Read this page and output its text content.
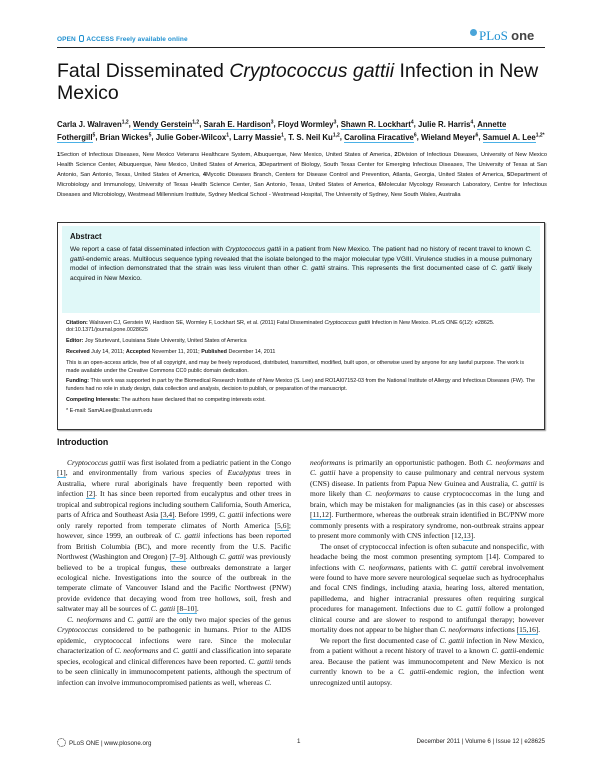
OPEN ACCESS Freely available online	PLoS one
Fatal Disseminated Cryptococcus gattii Infection in New Mexico
Carla J. Walraven$^{1,2}$, Wendy Gerstein$^{1,2}$, Sarah E. Hardison$^3$, Floyd Wormley$^3$, Shawn R. Lockhart$^4$, Julie R. Harris$^4$, Annette Fothergill$^5$, Brian Wickes$^5$, Julie Gober-Wilcox$^1$, Larry Massie$^1$, T. S. Neil Ku$^{1,2}$, Carolina Firacative$^6$, Wieland Meyer$^6$, Samuel A. Lee$^{1,2*}$
1Section of Infectious Diseases, New Mexico Veterans Healthcare System, Albuquerque, New Mexico, United States of America, 2Division of Infectious Diseases, University of New Mexico Health Science Center, Albuquerque, New Mexico, United States of America, 3Department of Biology, South Texas Center for Emerging Infectious Diseases, The University of Texas at San Antonio, San Antonio, Texas, United States of America, 4Mycotic Diseases Branch, Centers for Disease Control and Prevention, Atlanta, Georgia, United States of America, 5Department of Microbiology and Immunology, University of Texas Health Science Center, San Antonio, Texas, United States of America, 6Molecular Mycology Research Laboratory, Centre for Infectious Diseases and Microbiology, Westmead Millennium Institute, Sydney Medical School - Westmead Hospital, The University of Sydney, New South Wales, Australia
Abstract

We report a case of fatal disseminated infection with Cryptococcus gattii in a patient from New Mexico. The patient had no history of recent travel to known C. gattii-endemic areas. Multilocus sequence typing revealed that the isolate belonged to the major molecular type VGIII. Virulence studies in a mouse pulmonary model of infection demonstrated that the strain was less virulent than other C. gattii strains. This represents the first documented case of C. gattii likely acquired in New Mexico.

Citation: Walraven CJ, Gerstein W, Hardison SE, Wormley F, Lockhart SR, et al. (2011) Fatal Disseminated Cryptococcus gattii Infection in New Mexico. PLoS ONE 6(12): e28625. doi:10.1371/journal.pone.0028625

Editor: Joy Sturtevant, Louisiana State University, United States of America

Received July 14, 2011; Accepted November 11, 2011; Published December 14, 2011

This is an open-access article, free of all copyright, and may be freely reproduced, distributed, transmitted, modified, built upon, or otherwise used by anyone for any lawful purpose. The work is made available under the Creative Commons CC0 public domain dedication.

Funding: This work was supported in part by the Biomedical Research Institute of New Mexico (S. Lee) and RO1AI07152-03 from the National Institute of Allergy and Infectious Diseases (FW). The funders had no role in study design, data collection and analysis, decision to publish, or preparation of the manuscript.

Competing Interests: The authors have declared that no competing interests exist.

* E-mail: SamALee@salud.unm.edu

Introduction

Cryptococcus gattii was first isolated from a pediatric patient in the Congo [1], and environmentally from various species of Eucalyptus trees in Australia, where rural aboriginals have frequently been reported with infection [2]. It has since been reported from eucalyptus and other trees in tropical and subtropical regions including southern California, South America, parts of Africa and Southeast Asia [3,4]. Before 1999, C. gattii infections were only rarely reported from temperate climates of North America [5,6]; however, since 1999, an outbreak of C. gattii infections has been reported from British Columbia (BC), and more recently from the U.S. Pacific Northwest (Washington and Oregon) [7–9]. Although C. gattii was previously believed to be a tropical fungus, these outbreaks demonstrate a larger ecological niche. Investigations into the source of the outbreak in the temperate climate of Vancouver Island and the Pacific Northwest (PNW) provide evidence that decaying wood from tree hollows, soil, fresh and saltwater may all be sources of C. gattii [8–10].

C. neoformans and C. gattii are the only two major species of the genus Cryptococcus considered to be pathogenic in humans. Prior to the AIDS epidemic, cryptococcal infections were rare. Since the molecular characterization of C. neoformans and C. gattii and classification into separate species, ecological and clinical differences have been reported. C. gattii tends to be seen clinically in immunocompetent patients, although the spectrum of infection can involve immunocompromised patients as well, whereas C.

neoformans is primarily an opportunistic pathogen. Both C. neoformans and C. gattii have a propensity to cause pulmonary and central nervous system (CNS) disease. In patients from Papua New Guinea and Australia, C. gattii is more likely than C. neoformans to cause cryptococcomas in the lung and brain, which may be mistaken for malignancies (as in this case) or abscesses [11,12]. Furthermore, whereas the outbreak strain identified in BC/PNW more commonly presents with a respiratory syndrome, non-outbreak strains appear to present more commonly with CNS infection [12,13].

The onset of cryptococcal infection is often subacute and nonspecific, with headache being the most common presenting symptom [14]. Compared to infections with C. neoformans, patients with C. gattii cerebral involvement were found to have more severe neurological sequelae such as hydrocephalus and focal CNS findings, including ataxia, hearing loss, altered mentation, papilledema, and higher intracranial pressures often requiring surgical procedures for management. Infections due to C. gattii follow a prolonged clinical course and are slower to respond to antifungal therapy; however mortality does not appear to be higher than C. neoformans infections [15,16].

We report the first documented case of C. gattii infection in New Mexico, from a patient without a recent history of travel to a known C. gattii-endemic area. Because the patient was immunocompetent and New Mexico is not currently known to be a C. gattii-endemic region, the infection went unrecognized until autopsy.

PLoS ONE | www.plosone.org	1	December 2011 | Volume 6 | Issue 12 | e28625
